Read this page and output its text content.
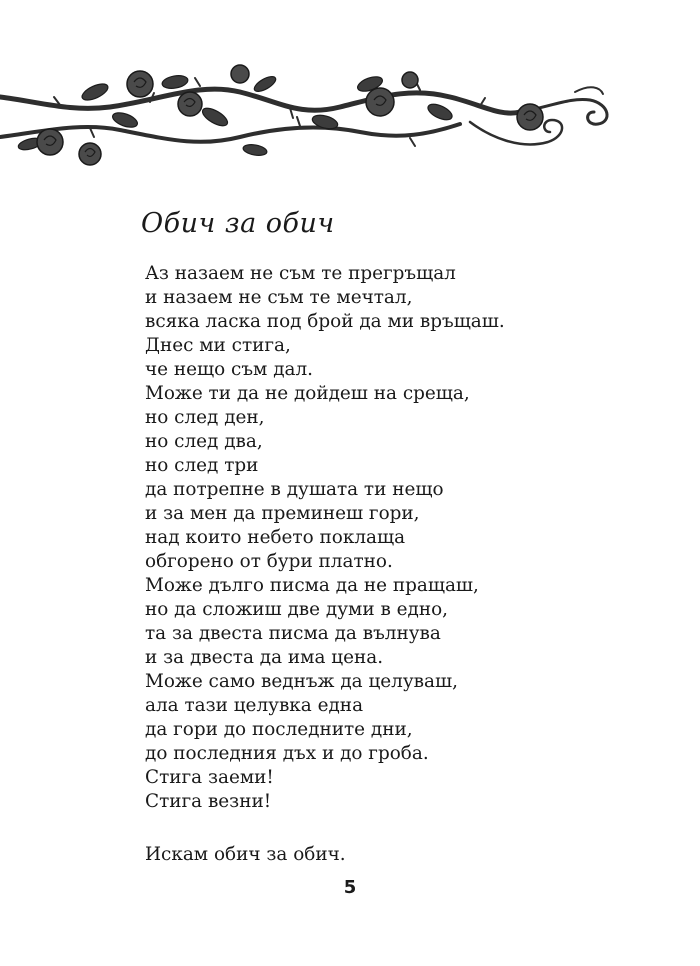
Обич за обич
Аз назаем не съм те прегръщал
и назаем не съм те мечтал,
всяка ласка под брой да ми връщаш.
Днес ми стига,
че нещо съм дал.
Може ти да не дойдеш на среща,
но след ден,
но след два,
но след три
да потрепне в душата ти нещо
и за мен да преминеш гори,
над които небето поклаща
обгорено от бури платно.
Може дълго писма да не пращаш,
но да сложиш две думи в едно,
та за двеста писма да вълнува
и за двеста да има цена.
Може само веднъж да целуваш,
ала тази целувка една
да гори до последните дни,
до последния дъх и до гроба.
Стига заеми!
Стига везни!
Искам обич за обич.
5
